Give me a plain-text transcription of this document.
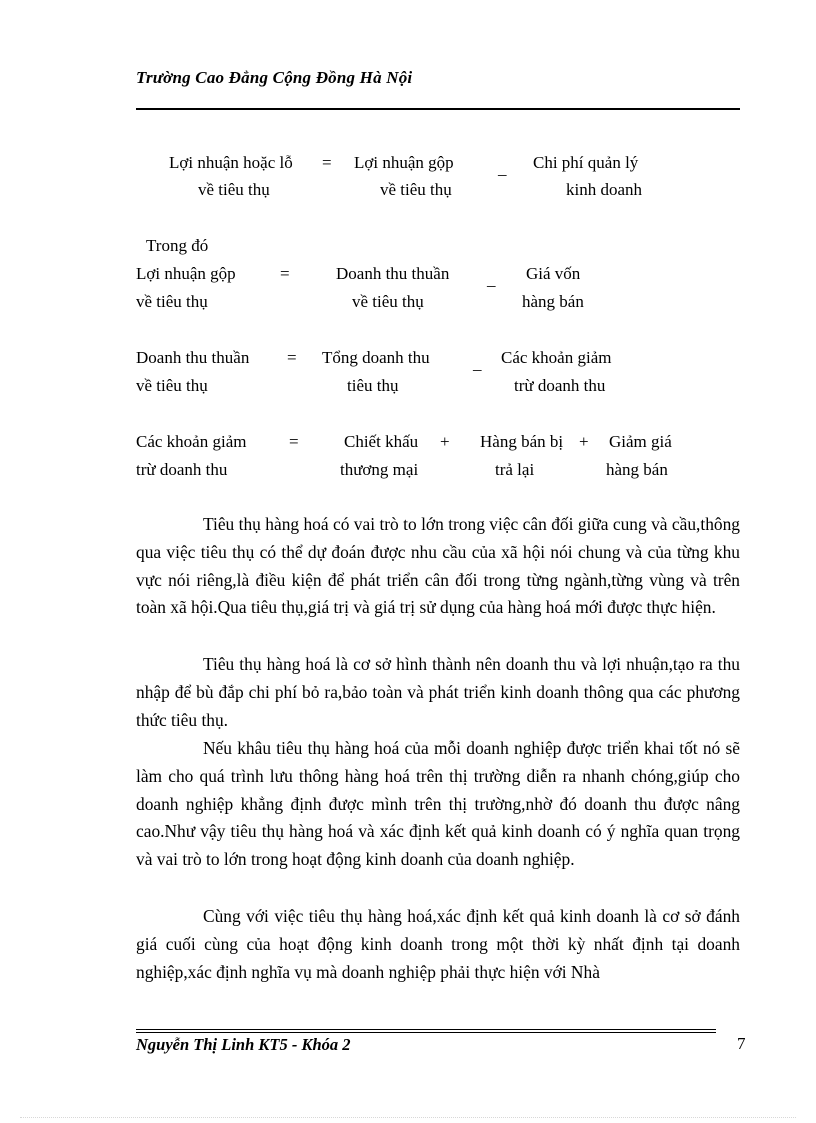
Trường Cao Đẳng Cộng Đồng Hà Nội
Lợi nhuận hoặc lỗ
về tiêu thụ
= Lợi nhuận gộp
về tiêu thụ
_ Chi phí quản lý
kinh doanh
Trong đó
Lợi nhuận gộp
về tiêu thụ
=	Doanh thu thuần
về tiêu thụ
_ Giá vốn
hàng bán
Doanh thu thuần
về tiêu thụ
= Tổng doanh thu
tiêu thụ
_ Các khoản giảm
trừ doanh thu
Các khoản giảm
trừ doanh thu
=	Chiết khấu
thương mại
+ Hàng bán bị
trả lại
+ Giảm giá
hàng bán

Tiêu thụ hàng hoá có vai trò to lớn trong việc cân đối giữa cung và cầu,thông qua việc tiêu thụ có thể dự đoán được nhu cầu của xã hội nói chung và của từng khu vực nói riêng,là điều kiện để phát triển cân đối trong từng ngành,từng vùng và trên toàn xã hội.Qua tiêu thụ,giá trị và giá trị sử dụng của hàng hoá mới được thực hiện.

Tiêu thụ hàng hoá là cơ sở hình thành nên doanh thu và lợi nhuận,tạo ra thu nhập để bù đắp chi phí bỏ ra,bảo toàn và phát triển kinh doanh thông qua các phương thức tiêu thụ.

Nếu khâu tiêu thụ hàng hoá của mỗi doanh nghiệp được triển khai tốt nó sẽ làm cho quá trình lưu thông hàng hoá trên thị trường diễn ra nhanh chóng,giúp cho doanh nghiệp khẳng định được mình trên thị trường,nhờ đó doanh thu được nâng cao.Như vậy tiêu thụ hàng hoá và xác định kết quả kinh doanh có ý nghĩa quan trọng và vai trò to lớn trong hoạt động kinh doanh của doanh nghiệp.

Cùng với việc tiêu thụ hàng hoá,xác định kết quả kinh doanh là cơ sở đánh giá cuối cùng của hoạt động kinh doanh trong một thời kỳ nhất định tại doanh nghiệp,xác định nghĩa vụ mà doanh nghiệp phải thực hiện với Nhà

Nguyễn Thị Linh KT5 - Khóa 2	7
